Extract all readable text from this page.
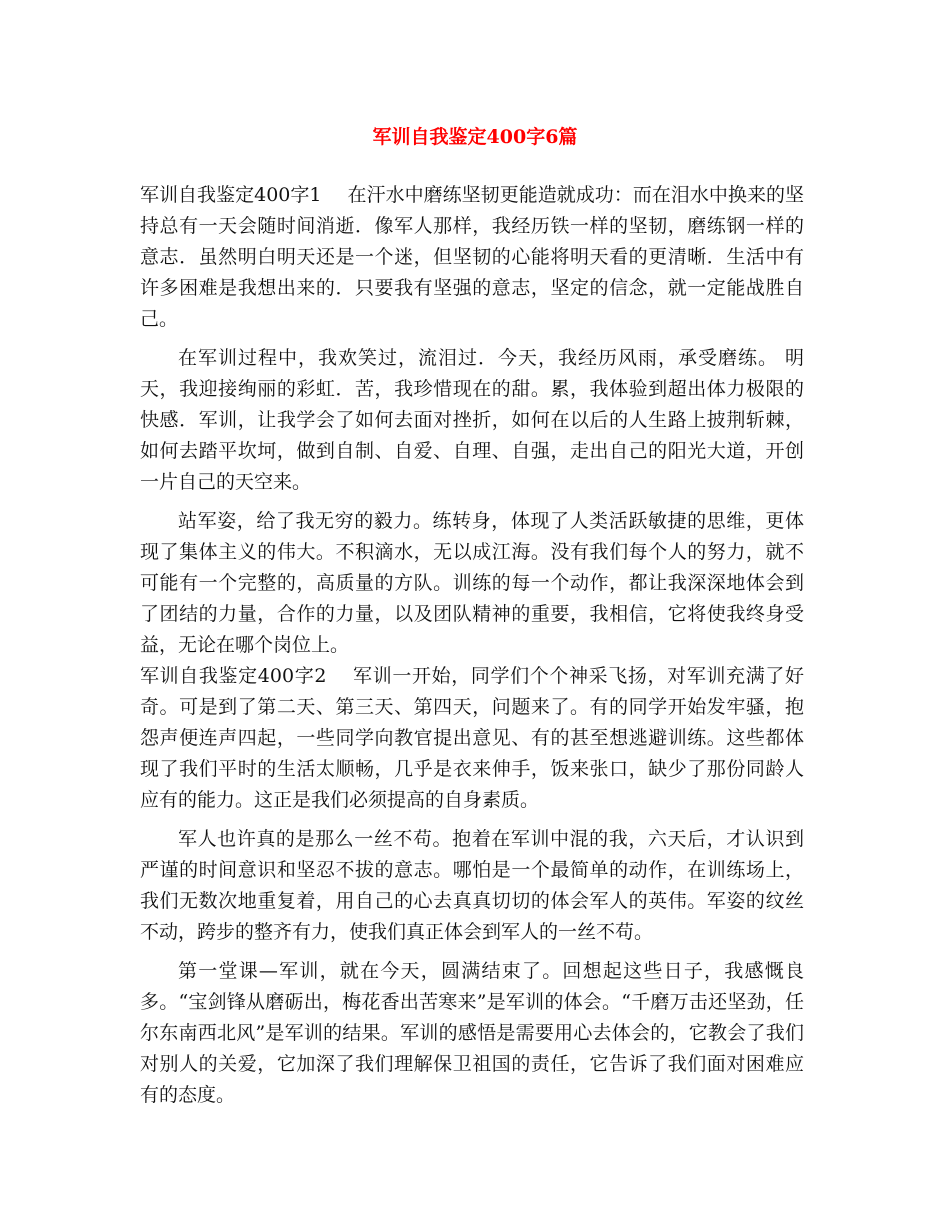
军训自我鉴定400字6篇

军训自我鉴定400字1 在汗水中磨练坚韧更能造就成功：而在泪水中换来的坚持总有一天会随时间消逝．像军人那样，我经历铁一样的坚韧，磨练钢一样的意志．虽然明白明天还是一个迷，但坚韧的心能将明天看的更清晰．生活中有许多困难是我想出来的．只要我有坚强的意志，坚定的信念，就一定能战胜自己。

在军训过程中，我欢笑过，流泪过．今天，我经历风雨，承受磨练。 明天，我迎接绚丽的彩虹．苦，我珍惜现在的甜。累，我体验到超出体力极限的快感．军训，让我学会了如何去面对挫折，如何在以后的人生路上披荆斩棘，如何去踏平坎坷，做到自制、自爱、自理、自强，走出自己的阳光大道，开创一片自己的天空来。

站军姿，给了我无穷的毅力。练转身，体现了人类活跃敏捷的思维，更体现了集体主义的伟大。不积滴水，无以成江海。没有我们每个人的努力，就不可能有一个完整的，高质量的方队。训练的每一个动作，都让我深深地体会到了团结的力量，合作的力量，以及团队精神的重要，我相信，它将使我终身受益，无论在哪个岗位上。

军训自我鉴定400字2 军训一开始，同学们个个神采飞扬，对军训充满了好奇。可是到了第二天、第三天、第四天，问题来了。有的同学开始发牢骚，抱怨声便连声四起，一些同学向教官提出意见、有的甚至想逃避训练。这些都体现了我们平时的生活太顺畅，几乎是衣来伸手，饭来张口，缺少了那份同龄人应有的能力。这正是我们必须提高的自身素质。

军人也许真的是那么一丝不苟。抱着在军训中混的我，六天后，才认识到严谨的时间意识和坚忍不拔的意志。哪怕是一个最简单的动作，在训练场上，我们无数次地重复着，用自己的心去真真切切的体会军人的英伟。军姿的纹丝不动，跨步的整齐有力，使我们真正体会到军人的一丝不苟。

第一堂课—军训，就在今天，圆满结束了。回想起这些日子，我感慨良多。“宝剑锋从磨砺出，梅花香出苦寒来”是军训的体会。“千磨万击还坚劲，任尔东南西北风”是军训的结果。军训的感悟是需要用心去体会的，它教会了我们对别人的关爱，它加深了我们理解保卫祖国的责任，它告诉了我们面对困难应有的态度。
